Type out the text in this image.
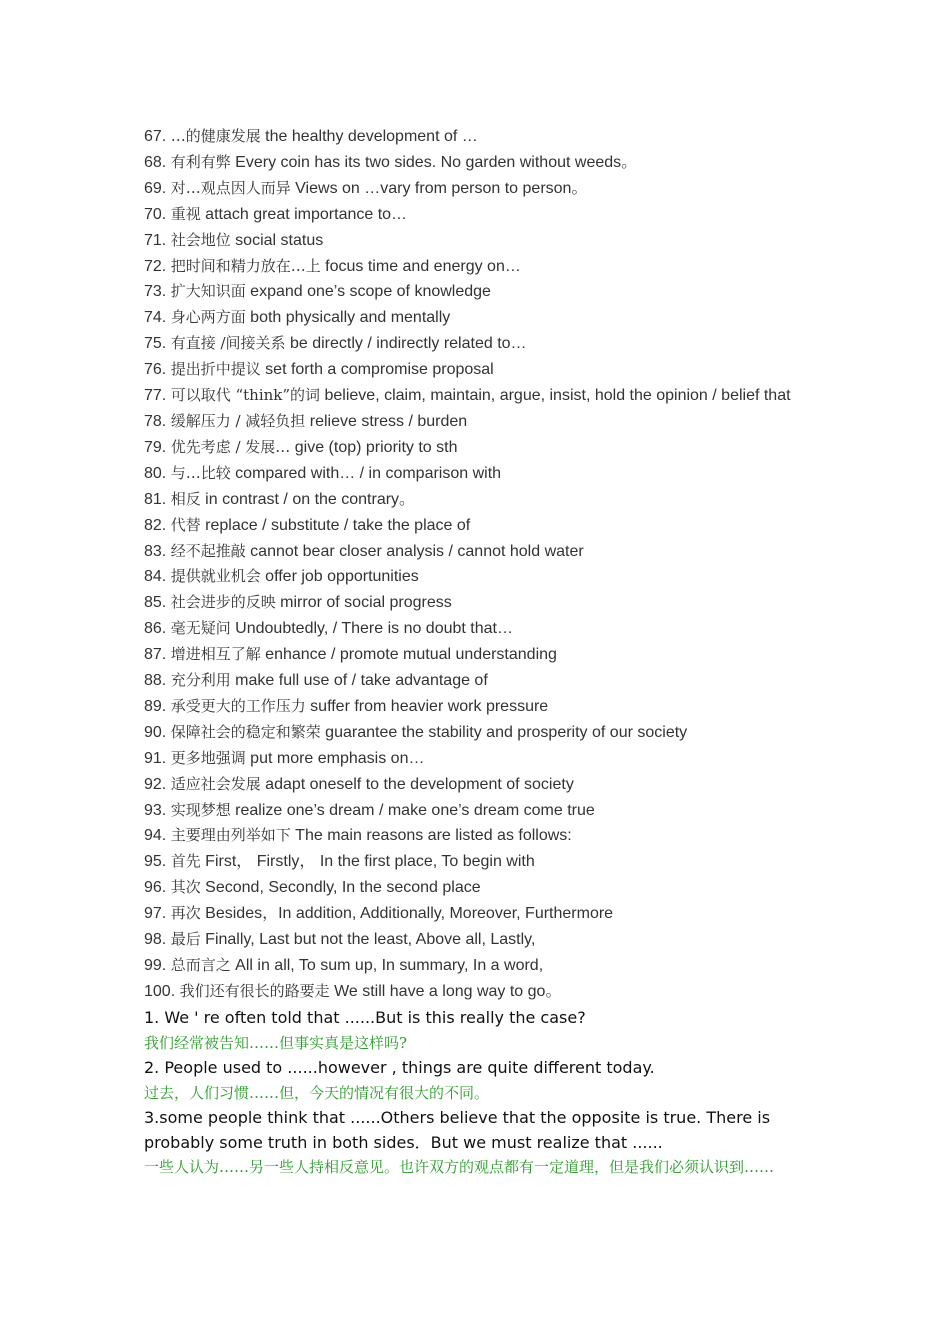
67. …的健康发展 the healthy development of …
68. 有利有弊 Every coin has its two sides. No garden without weeds。
69. 对…观点因人而异 Views on …vary from person to person。
70. 重视 attach great importance to…
71. 社会地位 social status
72. 把时间和精力放在…上 focus time and energy on…
73. 扩大知识面 expand one’s scope of knowledge
74. 身心两方面 both physically and mentally
75. 有直接 /间接关系 be directly / indirectly related to…
76. 提出折中提议 set forth a compromise proposal
77. 可以取代 “think”的词 believe, claim, maintain, argue, insist, hold the opinion / belief that
78. 缓解压力 / 减轻负担 relieve stress / burden
79. 优先考虑 / 发展… give (top) priority to sth
80. 与…比较 compared with… / in comparison with
81. 相反 in contrast / on the contrary。
82. 代替 replace / substitute / take the place of
83. 经不起推敲 cannot bear closer analysis / cannot hold water
84. 提供就业机会 offer job opportunities
85. 社会进步的反映 mirror of social progress
86. 毫无疑问 Undoubtedly, / There is no doubt that…
87. 增进相互了解 enhance / promote mutual understanding
88. 充分利用 make full use of / take advantage of
89. 承受更大的工作压力 suffer from heavier work pressure
90. 保障社会的稳定和繁荣 guarantee the stability and prosperity of our society
91. 更多地强调 put more emphasis on…
92. 适应社会发展 adapt oneself to the development of society
93. 实现梦想 realize one’s dream / make one’s dream come true
94. 主要理由列举如下 The main reasons are listed as follows:
95. 首先 First， Firstly， In the first place, To begin with
96. 其次 Second, Secondly, In the second place
97. 再次 Besides，In addition, Additionally, Moreover, Furthermore
98. 最后 Finally, Last but not the least, Above all, Lastly,
99. 总而言之 All in all, To sum up, In summary, In a word,
100. 我们还有很长的路要走 We still have a long way to go。
1. We ' re often told that ......But is this really the case?
我们经常被告知……但事实真是这样吗?
2. People used to ......however , things are quite different today.
过去，人们习惯……但，今天的情况有很大的不同。
3.some people think that ......Others believe that the opposite is true. There is probably some truth in both sides．But we must realize that ......
一些人认为……另一些人持相反意见。也许双方的观点都有一定道理，但是我们必须认识到……
